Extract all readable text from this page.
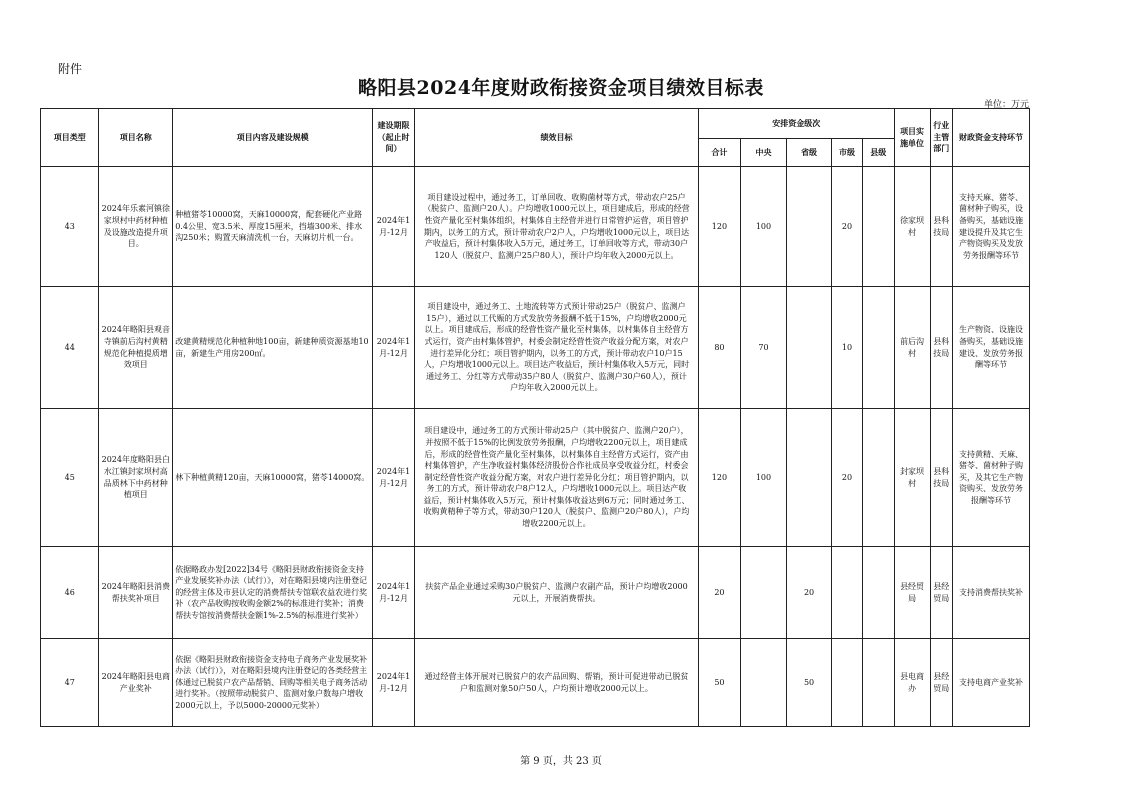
附件
略阳县2024年度财政衔接资金项目绩效目标表
单位：万元
项目类型	项目名称	项目内容及建设规模	建设期限（起止时间）	绩效目标	安排资金级次					项目实施单位	行业主管部门	财政资金支持环节
					合计	中央	省级	市级	县级			
43	2024年乐素河镇徐家坝村中药材种植及设施改造提升项目。	种植猪苓10000窝，天麻10000窝，配套硬化产业路0.4公里、宽3.5米、厚度15厘米，挡墙300米、排水沟250米；购置天麻清洗机一台，天麻切片机一台。	2024年1月-12月	项目建设过程中，通过务工，订单回收、收购菌材等方式，带动农户25户（脱贫户、监测户20人）。户均增收1000元以上，项目建成后，形成的经营性资产量化至村集体组织，村集体自主经营并进行日常管护运营，项目管护期内，以务工的方式，预计带动农户2户人，户均增收1000元以上，项目达产收益后，预计村集体收入5万元，通过务工，订单回收等方式，带动30户120人（脱贫户、监测户25户80人），预计户均年收入2000元以上。	120	100		20		徐家坝村	县科技局	支持天麻、猪苓、菌材种子购买，设备购买，基础设施建设提升及其它生产物资购买及发放劳务报酬等环节
44	2024年略阳县观音寺镇前后沟村黄精规范化种植提质增效项目	改建黄精规范化种植种地100亩，新建种质资源基地10亩，新建生产用房200㎡。	2024年1月-12月	项目建设中，通过务工、土地流转等方式预计带动25户（脱贫户、监测户15户），通过以工代赈的方式发放劳务报酬不低于15%，户均增收2000元以上。项目建成后，形成的经营性资产量化至村集体，以村集体自主经营方式运行，资产由村集体管护，村委会制定经营性资产收益分配方案，对农户进行差异化分红；项目管护期内，以务工的方式，预计带动农户10户15人，户均增收1000元以上。项目达产收益后，预计村集体收入5万元，同时通过务工、分红等方式带动35户80人（脱贫户、监测户30户60人），预计户均年收入2000元以上。	80	70		10		前后沟村	县科技局	生产物资、设施设备购买，基础设施建设、发放劳务报酬等环节
45	2024年度略阳县白水江镇封家坝村高品质林下中药材种植项目	林下种植黄精120亩，天麻10000窝，猪苓14000窝。	2024年1月-12月	项目建设中，通过务工的方式预计带动25户（其中脱贫户、监测户20户），并按照不低于15%的比例发放劳务报酬，户均增收2200元以上，项目建成后，形成的经营性资产量化至村集体，以村集体自主经营方式运行，资产由村集体管护，产生净收益村集体经济股份合作社成员享受收益分红，村委会制定经营性资产收益分配方案，对农户进行差异化分红；项目管护期内，以务工的方式，预计带动农户8户12人，户均增收1000元以上。项目达产收益后，预计村集体收入5万元，预计村集体收益达到6万元；同时通过务工、收购黄精种子等方式，带动30户120人（脱贫户、监测户20户80人），户均增收2200元以上。	120	100		20		封家坝村	县科技局	支持黄精、天麻、猪苓、菌材种子购买，及其它生产物资购买、发放劳务报酬等环节
46	2024年略阳县消费帮扶奖补项目	依据略政办发[2022]34号《略阳县财政衔接资金支持产业发展奖补办法（试行）》，对在略阳县境内注册登记的经营主体及市县认定的消费帮扶专馆联农益农进行奖补（农产品收购按收购金额2%的标准进行奖补；消费帮扶专馆按消费帮扶金额1%-2.5%的标准进行奖补）	2024年1月-12月	扶贫产品企业通过采购30户脱贫户、监测户农副产品，预计户均增收2000元以上，开展消费帮扶。	20		20			县经贸局	县经贸局	支持消费帮扶奖补
47	2024年略阳县电商产业奖补	依据《略阳县财政衔接资金支持电子商务产业发展奖补办法（试行）》，对在略阳县境内注册登记的各类经营主体通过已脱贫户农产品帮销、回购等相关电子商务活动进行奖补。（按照带动脱贫户、监测对象户数每户增收2000元以上，予以5000-20000元奖补）	2024年1月-12月	通过经营主体开展对已脱贫户的农产品回购、帮销，预计可促进带动已脱贫户和监测对象50户50人，户均预计增收2000元以上。	50		50			县电商办	县经贸局	支持电商产业奖补
第 9 页，共 23 页
